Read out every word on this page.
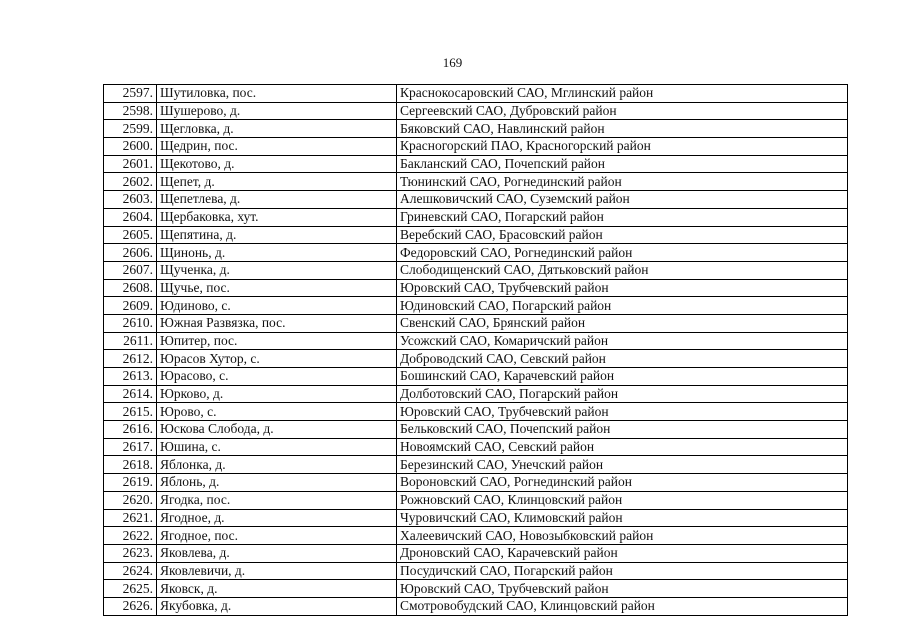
169
2597.	Шутиловка, пос.	Краснокосаровский САО, Мглинский район
2598.	Шушерово, д.	Сергеевский САО, Дубровский район
2599.	Щеглoвка, д.	Бяковский САО, Навлинский район
2600.	Щедрин, пос.	Красногорский ПАО, Красногорский район
2601.	Щекотово, д.	Бакланский САО, Почепский район
2602.	Щепет, д.	Тюнинский САО, Рогнединский район
2603.	Щепетлева, д.	Алешковичский САО, Суземский район
2604.	Щербаковка, хут.	Гриневский САО, Погарский район
2605.	Щепятина, д.	Веребский САО, Брасовский район
2606.	Щинонь, д.	Федоровский САО, Рогнединский район
2607.	Щученка, д.	Слободищенский САО, Дятьковский район
2608.	Щучье, пос.	Юровский САО, Трубчевский район
2609.	Юдиново, с.	Юдиновский САО, Погарский район
2610.	Южная Развязка, пос.	Свенский САО, Брянский район
2611.	Юпитер, пос.	Усожский САО, Комаричский район
2612.	Юрасов Хутор, с.	Доброводский САО, Севский район
2613.	Юрасово, с.	Бошинский САО, Карачевский район
2614.	Юрково, д.	Долботовский САО, Погарский район
2615.	Юрово, с.	Юровский САО, Трубчевский район
2616.	Юскова Слобода, д.	Бельковский САО, Почепский район
2617.	Юшина, с.	Новоямский САО, Севский район
2618.	Яблонка, д.	Березинский САО, Унечский район
2619.	Яблонь, д.	Вороновский САО, Рогнединский район
2620.	Ягодка, пос.	Рожновский САО, Клинцовский район
2621.	Ягодное, д.	Чуровичский САО, Климовский район
2622.	Ягодное, пос.	Халеевичский САО, Новозыбковский район
2623.	Яковлева, д.	Дроновский САО, Карачевский район
2624.	Яковлевичи, д.	Посудичский САО, Погарский район
2625.	Яковск, д.	Юровский САО, Трубчевский район
2626.	Якубовка, д.	Смотровобудский САО, Клинцовский район
